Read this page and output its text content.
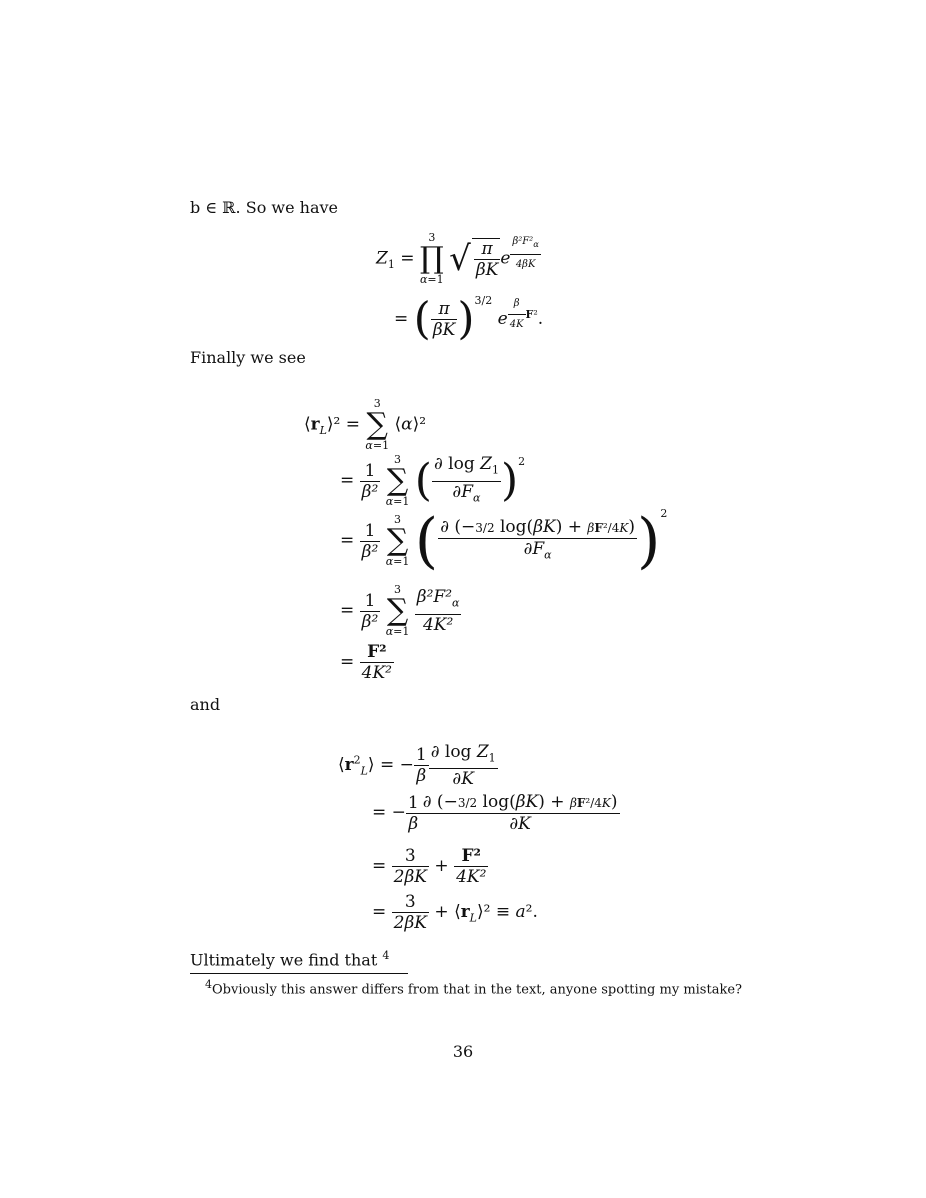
b ∈ ℝ. So we have
$Z_1$ =
3
∏
α=1
√ $\frac{\pi}{\beta K}$ e $^{\frac{\beta^2F^2_\alpha}{4\beta K}}$
= ( $\frac{\pi}{\beta K} )^{3/2}$ e $^{\frac{\beta}{4K} F^2}$.
Finally we see
$⟨r_L⟩^2$ =
3
∑
α=1
⟨α⟩²
= $\frac{1}{\text{β²}}$

3
∑
α=1 ( $\frac{\partial \log Z_1}{\partial F_\alpha} )^2$
= $\frac{1}{\text{β²}}$

3
∑
α=1 ( $\frac{\text{∂ (−3/2 log(βK) + βF²/4K)}}{\partial F_\alpha} )^2$
= $\frac{1}{\text{β²}}$

3
∑
α=1
$\frac{\beta^2F^2_\alpha}{\text{4K²}}$
= $\frac{\text{F²}}{\text{4K²}}$
and
$⟨r^2_L⟩$ = − $\frac{1}{\beta} \frac{\partial \log Z_1}{\partial K}$
= − $\frac{1}{\beta} \frac{\text{∂ (−3/2 log(βK) + βF²/4K)}}{\partial K}$
= $\frac{3}{2\beta K} + \frac{\text{F²}}{\text{4K²}}$
= $\frac{3}{2\beta K}$ + $⟨r_L⟩^2 \equiv a^2$.
Ultimately we find that $^4$
$^4$Obviously this answer differs from that in the text, anyone spotting my mistake?
36
